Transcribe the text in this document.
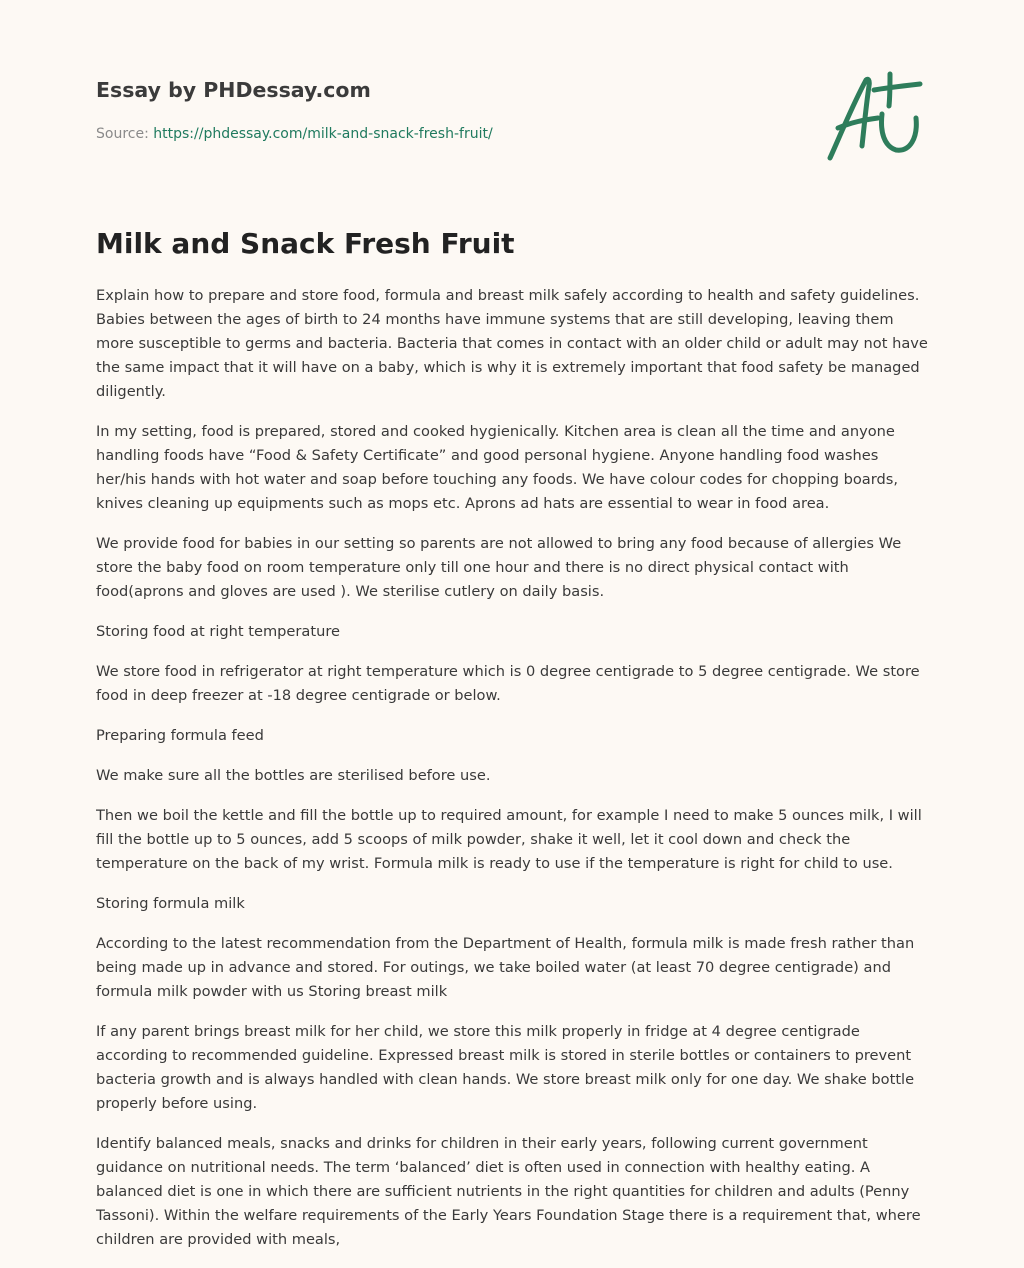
Essay by PHDessay.com
Source: https://phdessay.com/milk-and-snack-fresh-fruit/
Milk and Snack Fresh Fruit

Explain how to prepare and store food, formula and breast milk safely according to health and safety guidelines. Babies between the ages of birth to 24 months have immune systems that are still developing, leaving them more susceptible to germs and bacteria. Bacteria that comes in contact with an older child or adult may not have the same impact that it will have on a baby, which is why it is extremely important that food safety be managed diligently.

In my setting, food is prepared, stored and cooked hygienically. Kitchen area is clean all the time and anyone handling foods have “Food & Safety Certificate” and good personal hygiene. Anyone handling food washes her/his hands with hot water and soap before touching any foods. We have colour codes for chopping boards, knives cleaning up equipments such as mops etc. Aprons ad hats are essential to wear in food area.

We provide food for babies in our setting so parents are not allowed to bring any food because of allergies We store the baby food on room temperature only till one hour and there is no direct physical contact with food(aprons and gloves are used ). We sterilise cutlery on daily basis.

Storing food at right temperature

We store food in refrigerator at right temperature which is 0 degree centigrade to 5 degree centigrade. We store food in deep freezer at -18 degree centigrade or below.

Preparing formula feed

We make sure all the bottles are sterilised before use.

Then we boil the kettle and fill the bottle up to required amount, for example I need to make 5 ounces milk, I will fill the bottle up to 5 ounces, add 5 scoops of milk powder, shake it well, let it cool down and check the temperature on the back of my wrist. Formula milk is ready to use if the temperature is right for child to use.

Storing formula milk

According to the latest recommendation from the Department of Health, formula milk is made fresh rather than being made up in advance and stored. For outings, we take boiled water (at least 70 degree centigrade) and formula milk powder with us Storing breast milk

If any parent brings breast milk for her child, we store this milk properly in fridge at 4 degree centigrade according to recommended guideline. Expressed breast milk is stored in sterile bottles or containers to prevent bacteria growth and is always handled with clean hands. We store breast milk only for one day. We shake bottle properly before using.

Identify balanced meals, snacks and drinks for children in their early years, following current government guidance on nutritional needs. The term ‘balanced’ diet is often used in connection with healthy eating. A balanced diet is one in which there are sufficient nutrients in the right quantities for children and adults (Penny Tassoni). Within the welfare requirements of the Early Years Foundation Stage there is a requirement that, where children are provided with meals,
